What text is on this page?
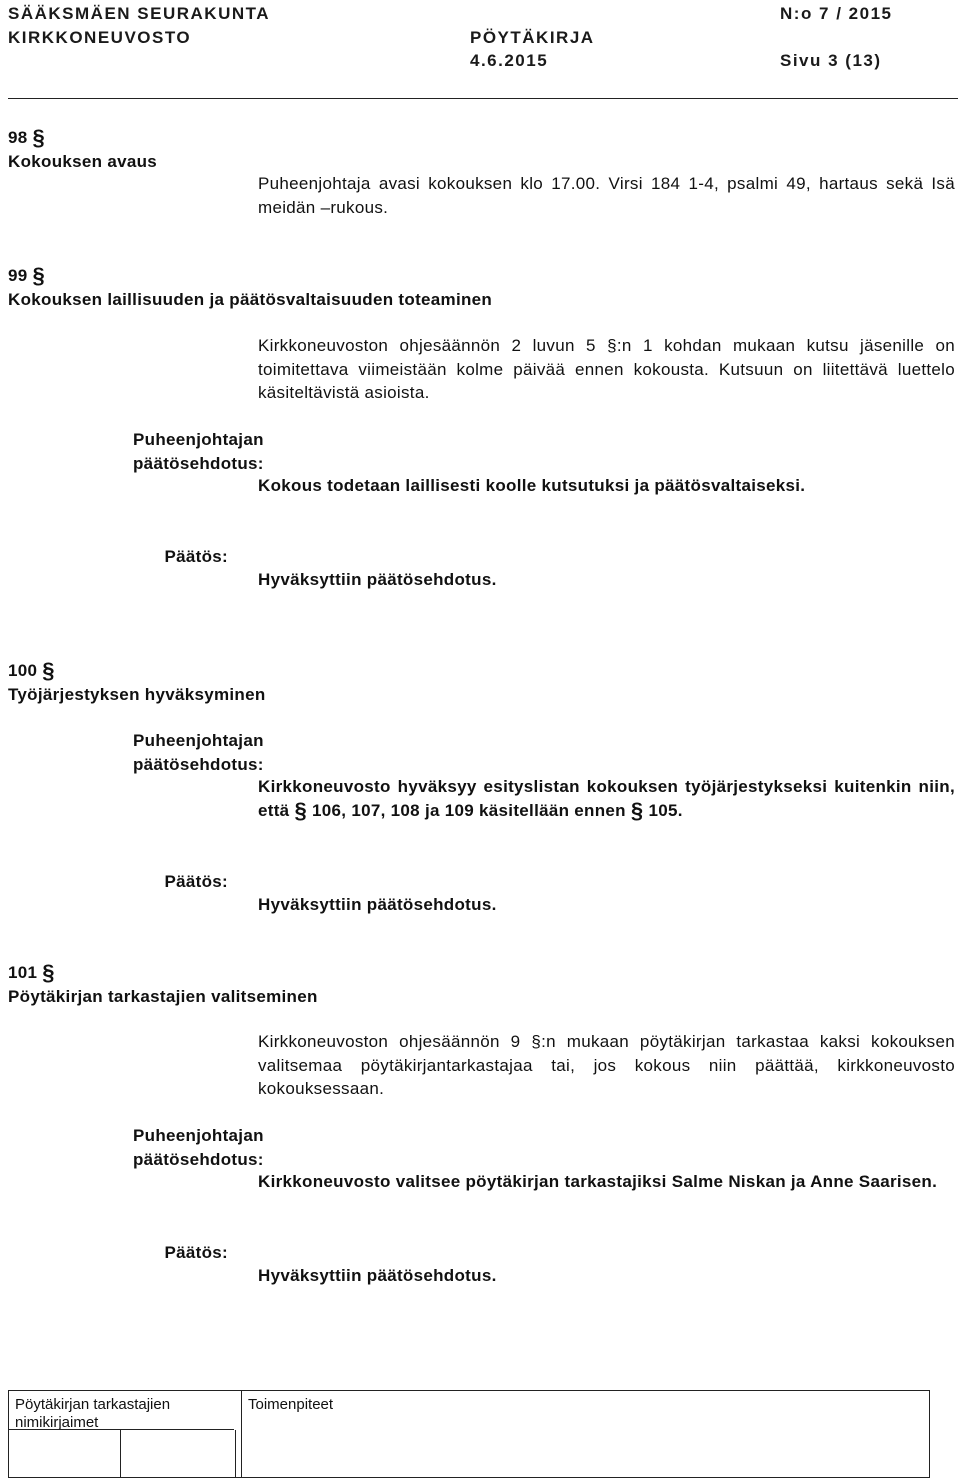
SÄÄKSMÄEN SEURAKUNTA
KIRKKONEUVOSTO	PÖYTÄKIRJA
4.6.2015
N:o 7 / 2015
Sivu 3 (13)
98 §
Kokouksen avaus
Puheenjohtaja avasi kokouksen klo 17.00. Virsi 184 1-4, psalmi 49, hartaus sekä Isä meidän –rukous.
99 §
Kokouksen laillisuuden ja päätösvaltaisuuden toteaminen
Kirkkoneuvoston ohjesäännön 2 luvun 5 §:n 1 kohdan mukaan kutsu jäsenille on toimitettava viimeistään kolme päivää ennen kokousta. Kutsuun on liitettävä luettelo käsiteltävistä asioista.
Puheenjohtajan
päätösehdotus:
Kokous todetaan laillisesti koolle kutsutuksi ja päätösvaltaiseksi.
Päätös:
Hyväksyttiin päätösehdotus.
100 §
Työjärjestyksen hyväksyminen
Puheenjohtajan
päätösehdotus:
Kirkkoneuvosto hyväksyy esityslistan kokouksen työjärjestykseksi kuitenkin niin, että § 106, 107, 108 ja 109 käsitellään ennen § 105.
Päätös:
Hyväksyttiin päätösehdotus.
101 §
Pöytäkirjan tarkastajien valitseminen
Kirkkoneuvoston ohjesäännön 9 §:n mukaan pöytäkirjan tarkastaa kaksi kokouksen valitsemaa pöytäkirjantarkastajaa tai, jos kokous niin päättää, kirkkoneuvosto kokouksessaan.
Puheenjohtajan
päätösehdotus:
Kirkkoneuvosto valitsee pöytäkirjan tarkastajiksi Salme Niskan ja Anne Saarisen.
Päätös:
Hyväksyttiin päätösehdotus.
Pöytäkirjan tarkastajien nimikirjaimet	Toimenpiteet
